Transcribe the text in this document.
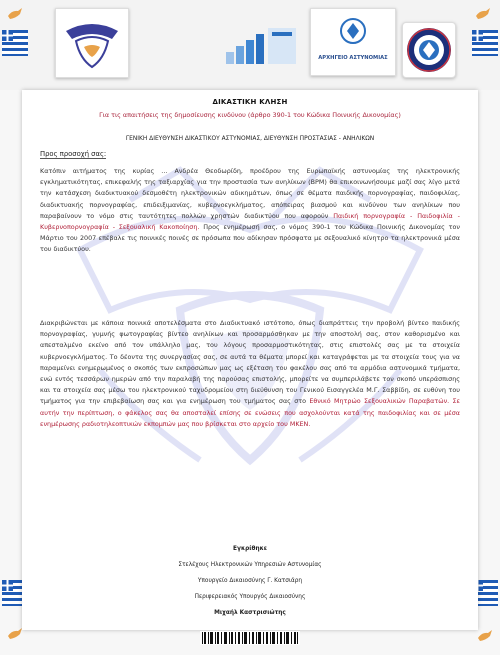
ΑΡΧΗΓΕΙΟ ΑΣΤΥΝΟΜΙΑΣ
ΔΙΚΑΣΤΙΚΗ ΚΛΗΣΗ
Για τις απαιτήσεις της δημοσίευσης κινδύνου (άρθρο 390-1 του Κώδικα Ποινικής Δικονομίας)
ΓΕΝΙΚΗ ΔΙΕΥΘΥΝΣΗ ΔΙΚΑΣΤΙΚΟΥ ΑΣΤΥΝΟΜΙΑΣ, ΔΙΕΥΘΥΝΣΗ ΠΡΟΣΤΑΣΙΑΣ - ΑΝΗΛΙΚΩΝ
Προς προσοχή σας:
Κατόπιν αιτήματος της κυρίας ... Ανδρέα Θεοδωρίδη, προέδρου της Ευρωπαϊκής αστυνομίας της ηλεκτρονικής εγκληματικότητας, επικεφαλής της ταξιαρχίας για την προστασία των ανηλίκων (BPM) θα επικοινωνήσουμε μαζί σας λίγο μετά την κατάσχεση διαδικτυακού δεσμοθέτη ηλεκτρονικών αδικημάτων, όπως σε θέματα παιδικής πορνογραφίας, παιδοφιλίας, διαδικτυακής πορνογραφίας, επιδειξιμανίας, κυβερνοεγκλήματος, απόπειρας βιασμού και κινδύνου των ανηλίκων που παραβαίνουν το νόμο στις ταυτότητες πολλών χρηστών διαδικτύου που αφορούν Παιδική πορνογραφία - Παιδοφιλία - Κυβερνοπορνογραφία - Σεξουαλική Κακοποίηση. Προς ενημέρωσή σας, ο νόμος 390-1 του Κώδικα Ποινικής Δικονομίας τον Μάρτιο του 2007 επέβαλε τις ποινικές ποινές σε πρόσωπα που αδίκησαν πρόσφατα με σεξουαλικό κίνητρο τα ηλεκτρονικά μέσα του διαδικτύου.
Διακριβώνεται με κάποια ποινικά αποτελέσματα στο Διαδικτυακό ιστότοπο, όπως διαπράττεις την προβολή βίντεο παιδικής πορνογραφίας, γυμνής φωτογραφίας βίντεο ανηλίκων και προσαρμόσθηκαν με την αποστολή σας, στον καθορισμένο και απεσταλμένο εκείνο από τον υπάλληλο μας, του λόγους προσαρμοστικότητας, στις επιστολές σας με τα στοιχεία κυβερνοεγκλήματος. Το δέοντα της συνεργασίας σας, σε αυτά τα θέματα μπορεί και καταγράφεται με τα στοιχεία τους για να παραμείνει ενημερωμένος ο σκοπός των εκπροσώπων μας ως εξέταση του φακέλου σας από τα αρμόδια αστυνομικά τμήματα, ενώ εντός τεσσάρων ημερών από την παραλαβή της παρούσας επιστολής, μπορείτε να συμπεριλάβετε τον σκοπό υπεράσπισης και τα στοιχεία σας μέσω του ηλεκτρονικού ταχυδρομείου στη διεύθυνση του Γενικού Εισαγγελέα Μ.Γ. Σαββίδη, σε ευθύνη του τμήματος για την επιβεβαίωση σας και για ενημέρωση του τμήματος σας στο Εθνικό Μητρώο Σεξουαλικών Παραβατών. Σε αυτήν την περίπτωση, ο φάκελος σας θα αποσταλεί επίσης σε ενώσεις που ασχολούνται κατά της παιδοφιλίας και σε μέσα ενημέρωσης ραδιοτηλεοπτικών εκπομπών μας που βρίσκεται στο αρχείο του MKEN.
Εγκρίθηκε
Στελέχους Ηλεκτρονικών Υπηρεσιών Αστυνομίας
Υπουργείο Δικαιοσύνης Γ. Κατσιάρη
Περιφερειακός Υπουργός Δικαιοσύνης
Μιχαήλ Καστρισιώτης
